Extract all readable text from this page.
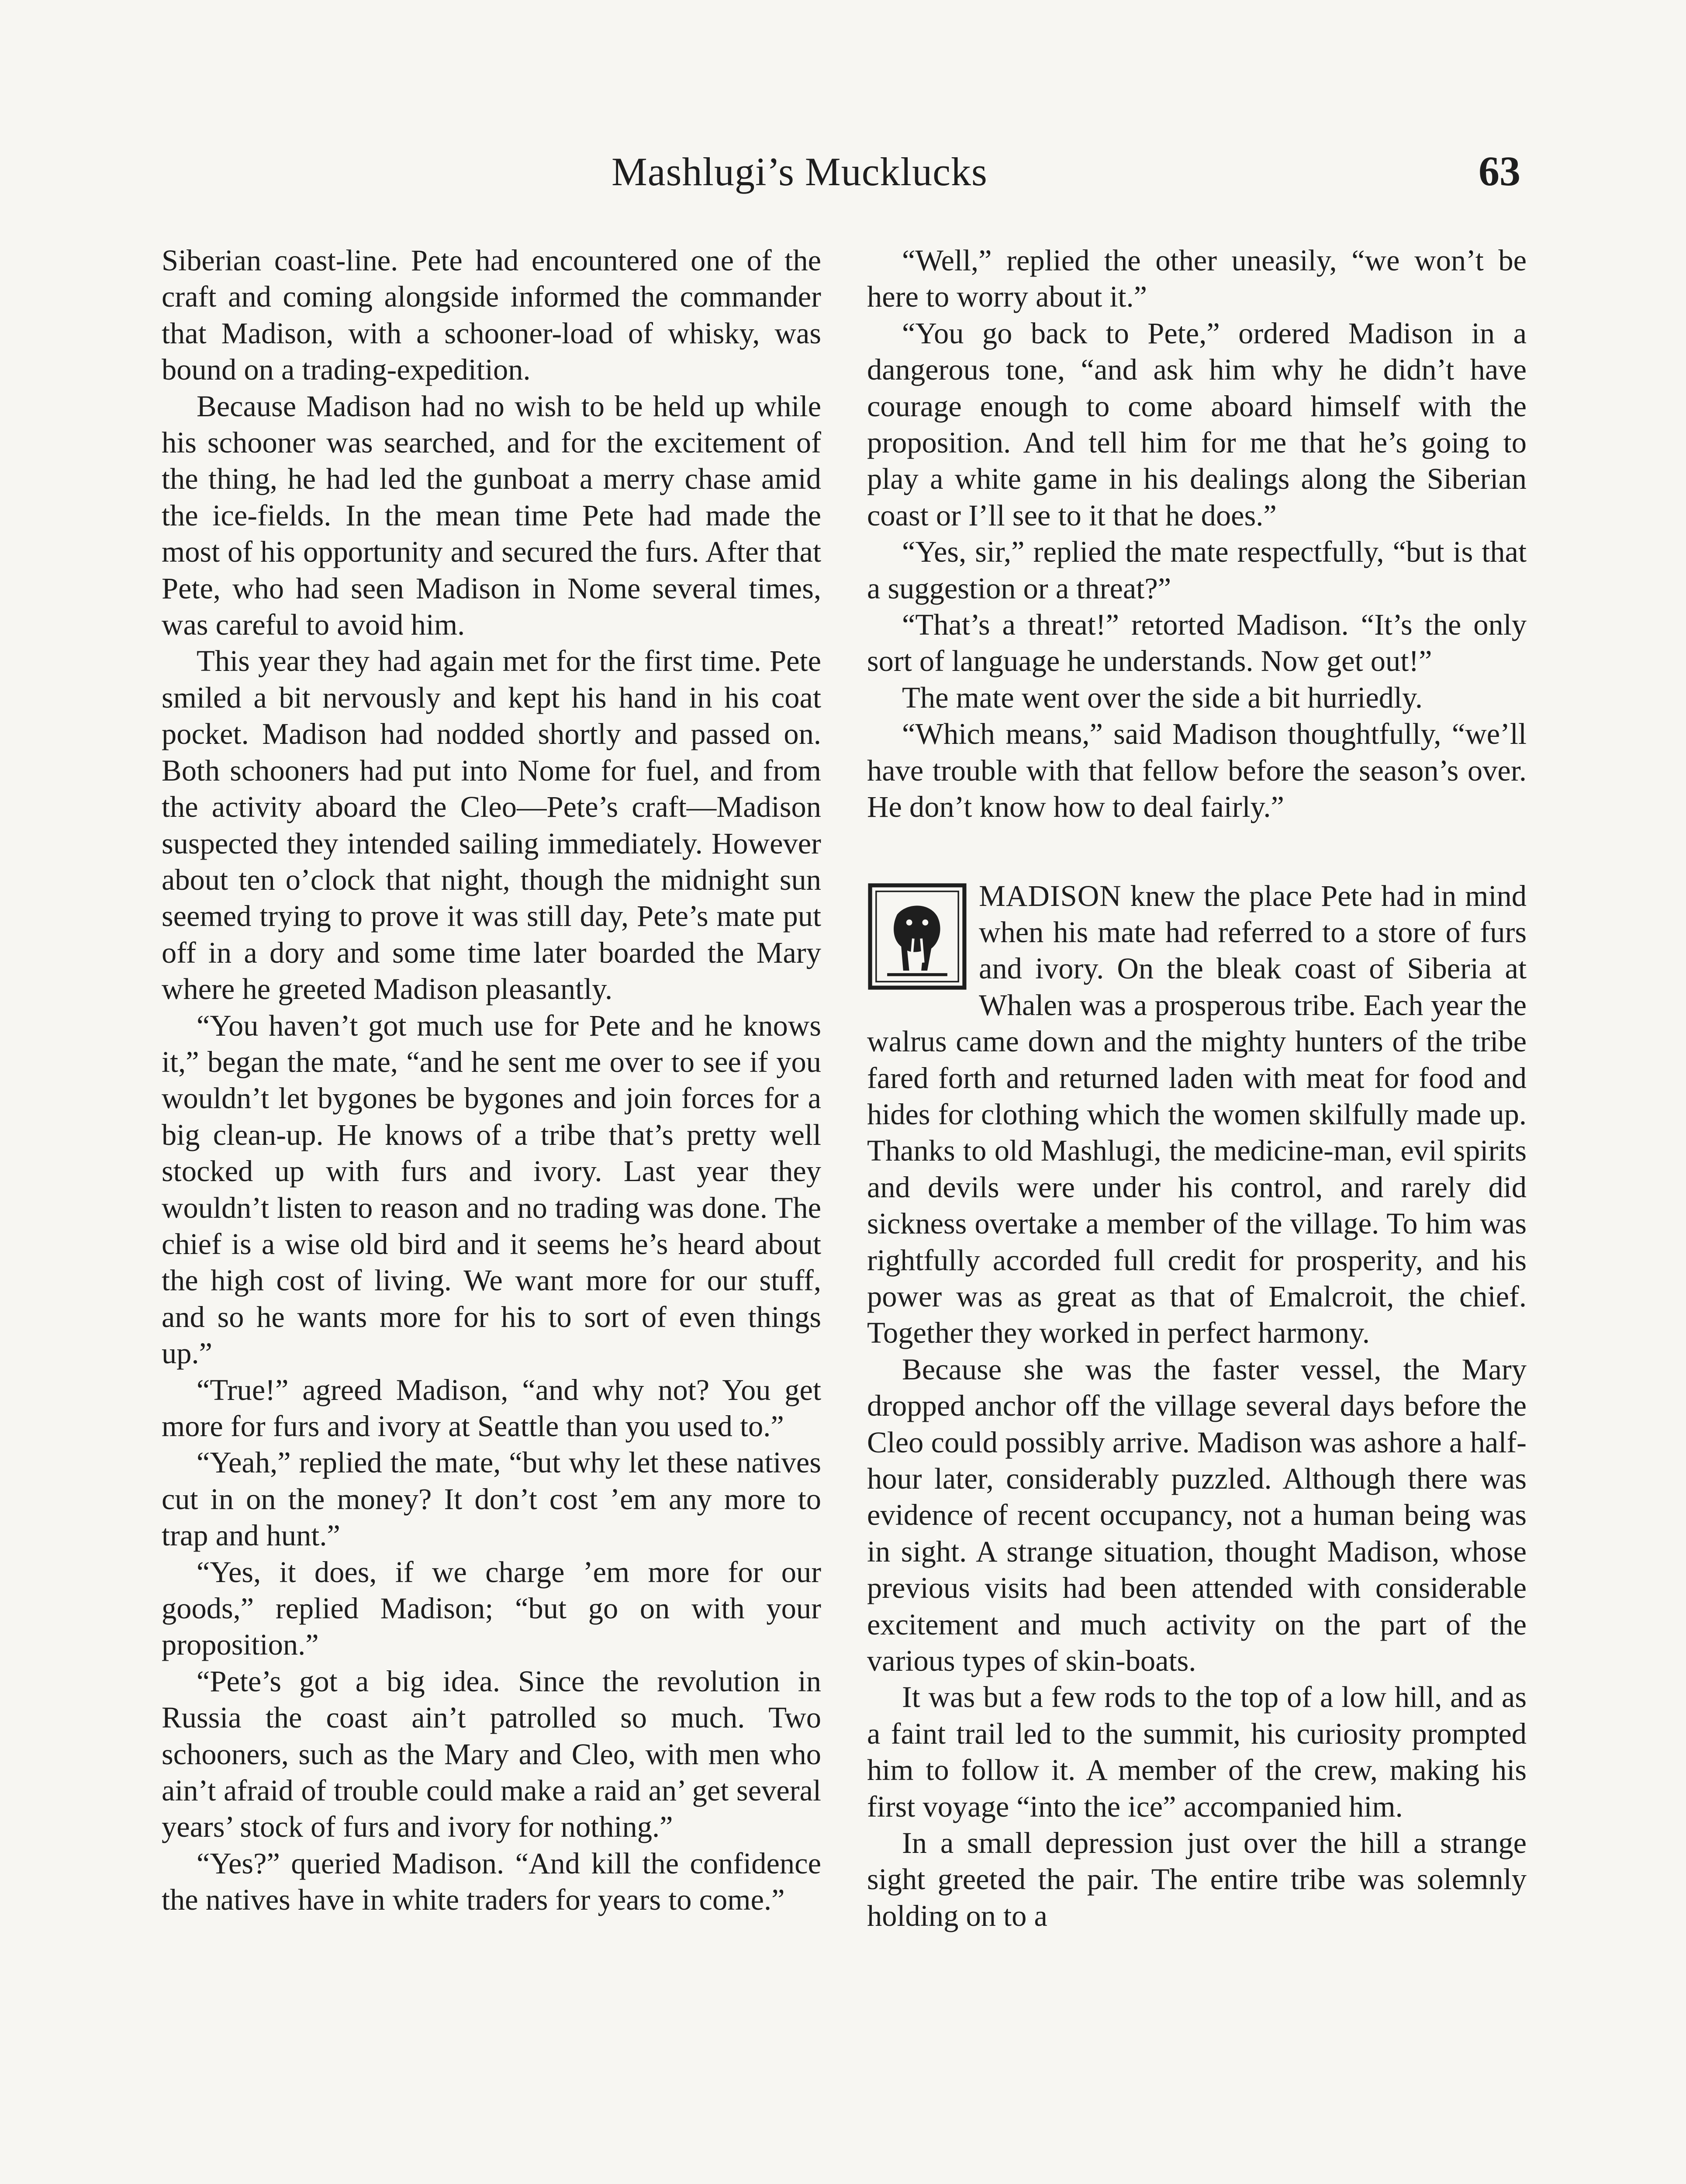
Mashlugi’s Mucklucks	63

Siberian coast-line. Pete had encountered one of the craft and coming alongside informed the commander that Madison, with a schooner-load of whisky, was bound on a trading-expedition.

Because Madison had no wish to be held up while his schooner was searched, and for the excitement of the thing, he had led the gunboat a merry chase amid the ice-fields. In the mean time Pete had made the most of his opportunity and secured the furs. After that Pete, who had seen Madison in Nome several times, was careful to avoid him.

This year they had again met for the first time. Pete smiled a bit nervously and kept his hand in his coat pocket. Madison had nodded shortly and passed on. Both schooners had put into Nome for fuel, and from the activity aboard the Cleo—Pete’s craft—Madison suspected they intended sailing immediately. However about ten o’clock that night, though the midnight sun seemed trying to prove it was still day, Pete’s mate put off in a dory and some time later boarded the Mary where he greeted Madison pleasantly.

“You haven’t got much use for Pete and he knows it,” began the mate, “and he sent me over to see if you wouldn’t let bygones be bygones and join forces for a big clean-up. He knows of a tribe that’s pretty well stocked up with furs and ivory. Last year they wouldn’t listen to reason and no trading was done. The chief is a wise old bird and it seems he’s heard about the high cost of living. We want more for our stuff, and so he wants more for his to sort of even things up.”

“True!” agreed Madison, “and why not? You get more for furs and ivory at Seattle than you used to.”

“Yeah,” replied the mate, “but why let these natives cut in on the money? It don’t cost ’em any more to trap and hunt.”

“Yes, it does, if we charge ’em more for our goods,” replied Madison; “but go on with your proposition.”

“Pete’s got a big idea. Since the revolution in Russia the coast ain’t patrolled so much. Two schooners, such as the Mary and Cleo, with men who ain’t afraid of trouble could make a raid an’ get several years’ stock of furs and ivory for nothing.”

“Yes?” queried Madison. “And kill the confidence the natives have in white traders for years to come.”

“Well,” replied the other uneasily, “we won’t be here to worry about it.”

“You go back to Pete,” ordered Madison in a dangerous tone, “and ask him why he didn’t have courage enough to come aboard himself with the proposition. And tell him for me that he’s going to play a white game in his dealings along the Siberian coast or I’ll see to it that he does.”

“Yes, sir,” replied the mate respectfully, “but is that a suggestion or a threat?”

“That’s a threat!” retorted Madison. “It’s the only sort of language he understands. Now get out!”

The mate went over the side a bit hurriedly.

“Which means,” said Madison thoughtfully, “we’ll have trouble with that fellow before the season’s over. He don’t know how to deal fairly.”

MADISON knew the place Pete had in mind when his mate had referred to a store of furs and ivory. On the bleak coast of Siberia at Whalen was a prosperous tribe. Each year the walrus came down and the mighty hunters of the tribe fared forth and returned laden with meat for food and hides for clothing which the women skilfully made up. Thanks to old Mashlugi, the medicine-man, evil spirits and devils were under his control, and rarely did sickness overtake a member of the village. To him was rightfully accorded full credit for prosperity, and his power was as great as that of Emalcroit, the chief. Together they worked in perfect harmony.

Because she was the faster vessel, the Mary dropped anchor off the village several days before the Cleo could possibly arrive. Madison was ashore a half-hour later, considerably puzzled. Although there was evidence of recent occupancy, not a human being was in sight. A strange situation, thought Madison, whose previous visits had been attended with considerable excitement and much activity on the part of the various types of skin-boats.

It was but a few rods to the top of a low hill, and as a faint trail led to the summit, his curiosity prompted him to follow it. A member of the crew, making his first voyage “into the ice” accompanied him.

In a small depression just over the hill a strange sight greeted the pair. The entire tribe was solemnly holding on to a
